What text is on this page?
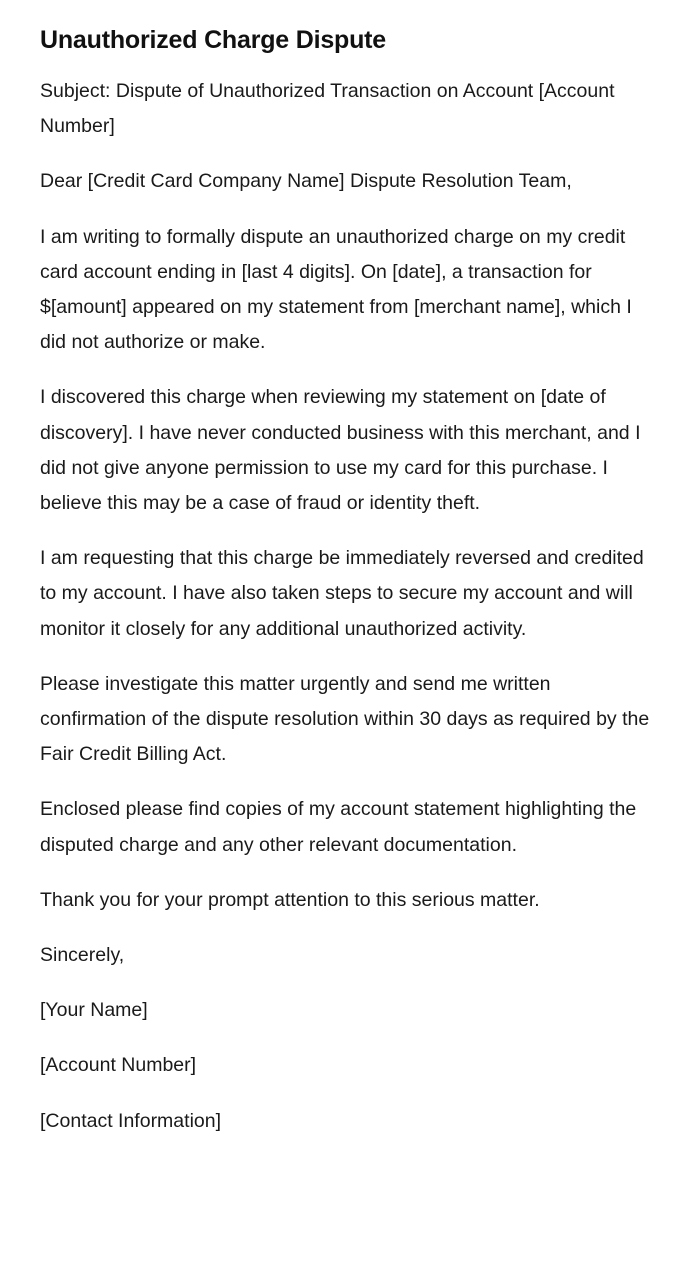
Unauthorized Charge Dispute

Subject: Dispute of Unauthorized Transaction on Account [Account Number]

Dear [Credit Card Company Name] Dispute Resolution Team,

I am writing to formally dispute an unauthorized charge on my credit card account ending in [last 4 digits]. On [date], a transaction for $[amount] appeared on my statement from [merchant name], which I did not authorize or make.

I discovered this charge when reviewing my statement on [date of discovery]. I have never conducted business with this merchant, and I did not give anyone permission to use my card for this purchase. I believe this may be a case of fraud or identity theft.

I am requesting that this charge be immediately reversed and credited to my account. I have also taken steps to secure my account and will monitor it closely for any additional unauthorized activity.

Please investigate this matter urgently and send me written confirmation of the dispute resolution within 30 days as required by the Fair Credit Billing Act.

Enclosed please find copies of my account statement highlighting the disputed charge and any other relevant documentation.

Thank you for your prompt attention to this serious matter.

Sincerely,

[Your Name]

[Account Number]

[Contact Information]
